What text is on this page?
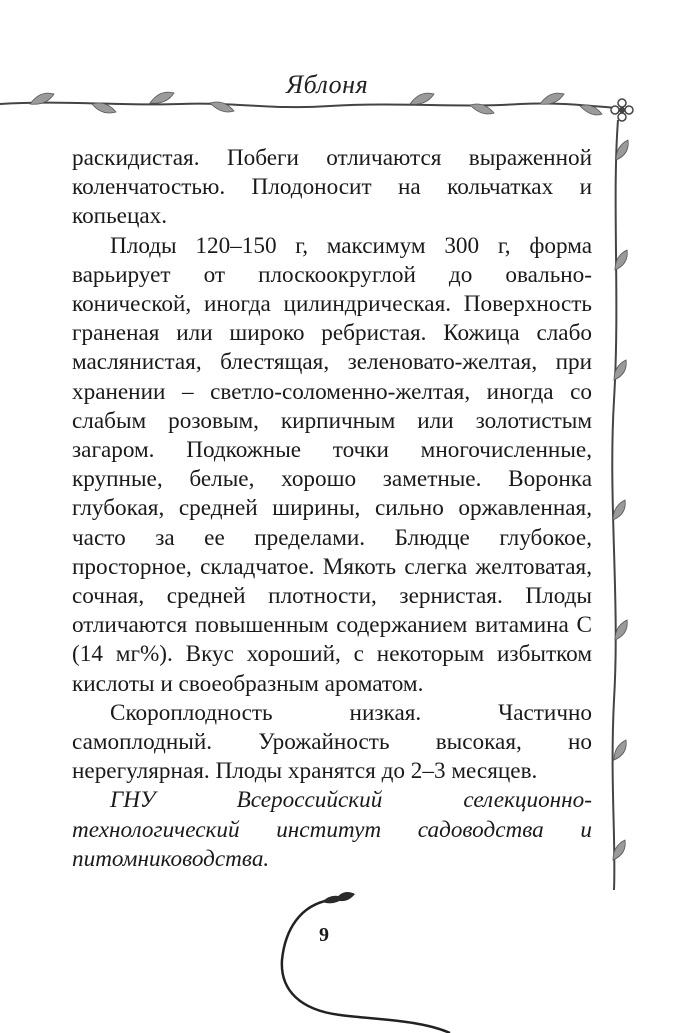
Яблоня

раскидистая. Побеги отличаются выраженной коленчатостью. Плодоносит на кольчатках и копьецах.

Плоды 120–150 г, максимум 300 г, форма варьирует от плоскоокруглой до овально-конической, иногда цилиндрическая. Поверхность граненая или широко ребристая. Кожица слабо маслянистая, блестящая, зеленовато-желтая, при хранении – светло-соломенно-желтая, иногда со слабым розовым, кирпичным или золотистым загаром. Подкожные точки многочисленные, крупные, белые, хорошо заметные. Воронка глубокая, средней ширины, сильно оржавленная, часто за ее пределами. Блюдце глубокое, просторное, складчатое. Мякоть слегка желтоватая, сочная, средней плотности, зернистая. Плоды отличаются повышенным содержанием витамина С (14 мг%). Вкус хороший, с некоторым избытком кислоты и своеобразным ароматом.

Скороплодность низкая. Частично самоплодный. Урожайность высокая, но нерегулярная. Плоды хранятся до 2–3 месяцев.

ГНУ Всероссийский селекционно-технологический институт садоводства и питомниководства.

9
